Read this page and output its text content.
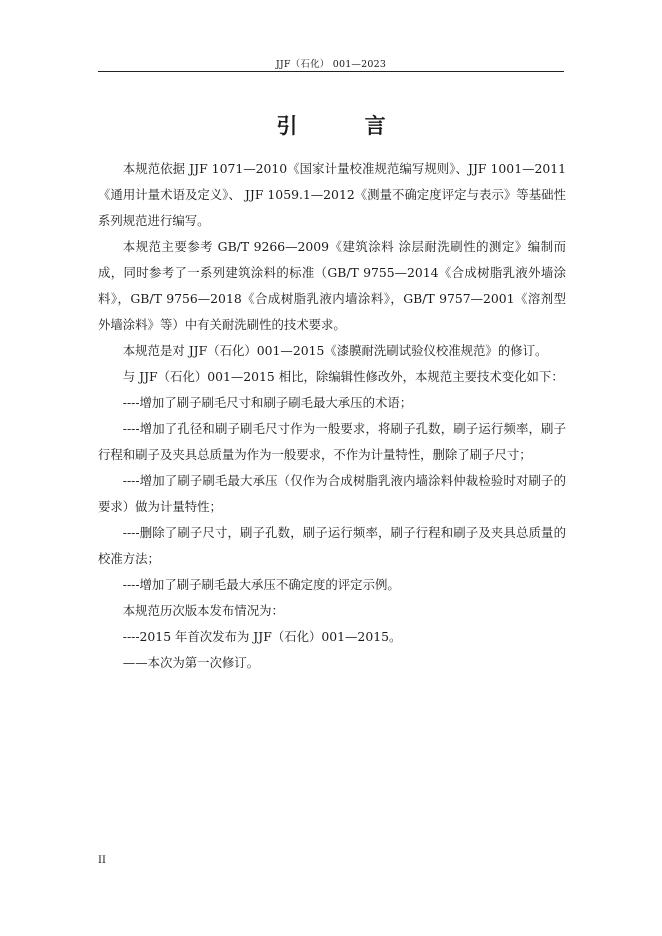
JJF（石化） 001—2023
引 言

本规范依据 JJF 1071—2010《国家计量校准规范编写规则》、JJF 1001—2011《通用计量术语及定义》、 JJF 1059.1—2012《测量不确定度评定与表示》等基础性系列规范进行编写。

本规范主要参考 GB/T 9266—2009《建筑涂料 涂层耐洗刷性的测定》编制而成，同时参考了一系列建筑涂料的标准（GB/T 9755—2014《合成树脂乳液外墙涂料》，GB/T 9756—2018《合成树脂乳液内墙涂料》，GB/T 9757—2001《溶剂型外墙涂料》等）中有关耐洗刷性的技术要求。

本规范是对 JJF（石化）001—2015《漆膜耐洗刷试验仪校准规范》的修订。

与 JJF（石化）001—2015 相比，除编辑性修改外，本规范主要技术变化如下：

----增加了刷子刷毛尺寸和刷子刷毛最大承压的术语；

----增加了孔径和刷子刷毛尺寸作为一般要求，将刷子孔数，刷子运行频率，刷子行程和刷子及夹具总质量为作为一般要求，不作为计量特性，删除了刷子尺寸；

----增加了刷子刷毛最大承压（仅作为合成树脂乳液内墙涂料仲裁检验时对刷子的要求）做为计量特性；

----删除了刷子尺寸，刷子孔数，刷子运行频率，刷子行程和刷子及夹具总质量的校准方法；

----增加了刷子刷毛最大承压不确定度的评定示例。

本规范历次版本发布情况为：

----2015 年首次发布为 JJF（石化）001—2015。

——本次为第一次修订。

II
